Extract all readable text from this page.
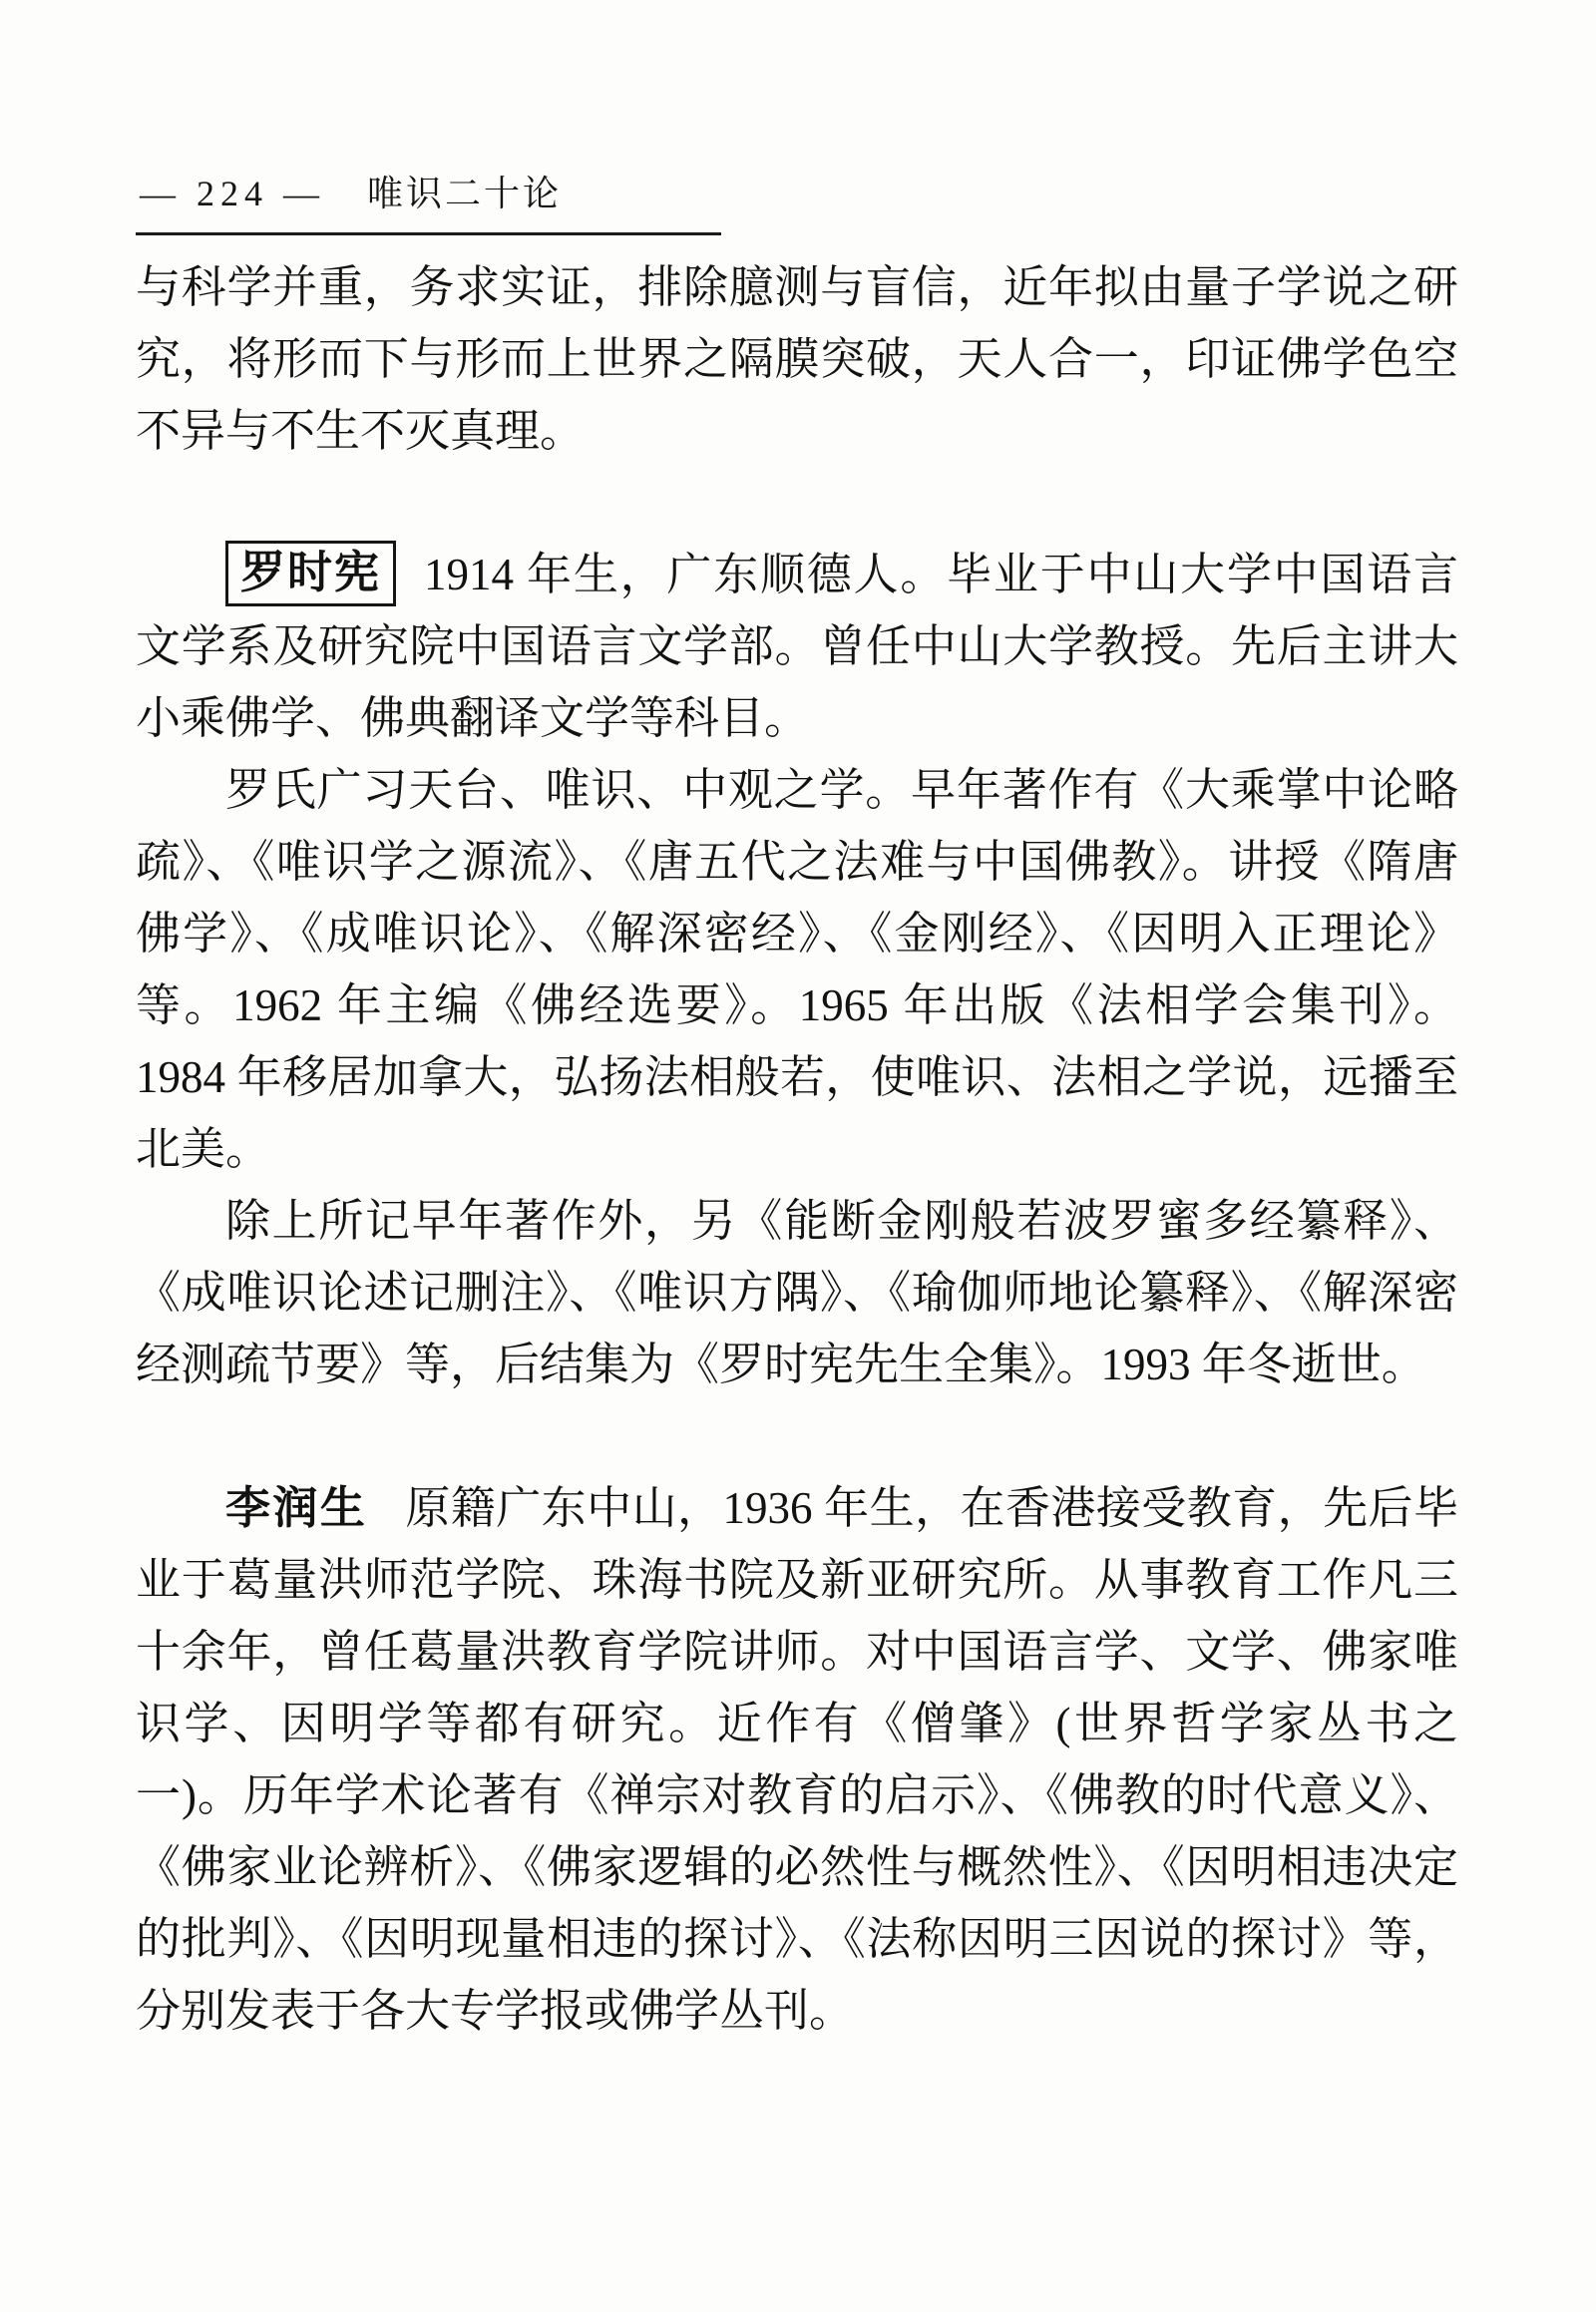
— 224 — 唯识二十论

与科学并重，务求实证，排除臆测与盲信，近年拟由量子学说之研究，将形而下与形而上世界之隔膜突破，天人合一，印证佛学色空不异与不生不灭真理。

罗时宪 1914 年生，广东顺德人。毕业于中山大学中国语言文学系及研究院中国语言文学部。曾任中山大学教授。先后主讲大小乘佛学、佛典翻译文学等科目。

罗氏广习天台、唯识、中观之学。早年著作有《大乘掌中论略疏》、《唯识学之源流》、《唐五代之法难与中国佛教》。讲授《隋唐佛学》、《成唯识论》、《解深密经》、《金刚经》、《因明入正理论》等。1962 年主编《佛经选要》。1965 年出版《法相学会集刊》。1984 年移居加拿大，弘扬法相般若，使唯识、法相之学说，远播至北美。

除上所记早年著作外，另《能断金刚般若波罗蜜多经纂释》、《成唯识论述记删注》、《唯识方隅》、《瑜伽师地论纂释》、《解深密经测疏节要》等，后结集为《罗时宪先生全集》。1993 年冬逝世。

李润生 原籍广东中山，1936 年生，在香港接受教育，先后毕业于葛量洪师范学院、珠海书院及新亚研究所。从事教育工作凡三十余年，曾任葛量洪教育学院讲师。对中国语言学、文学、佛家唯识学、因明学等都有研究。近作有《僧肇》(世界哲学家丛书之一)。历年学术论著有《禅宗对教育的启示》、《佛教的时代意义》、《佛家业论辨析》、《佛家逻辑的必然性与概然性》、《因明相违决定的批判》、《因明现量相违的探讨》、《法称因明三因说的探讨》等，分别发表于各大专学报或佛学丛刊。
